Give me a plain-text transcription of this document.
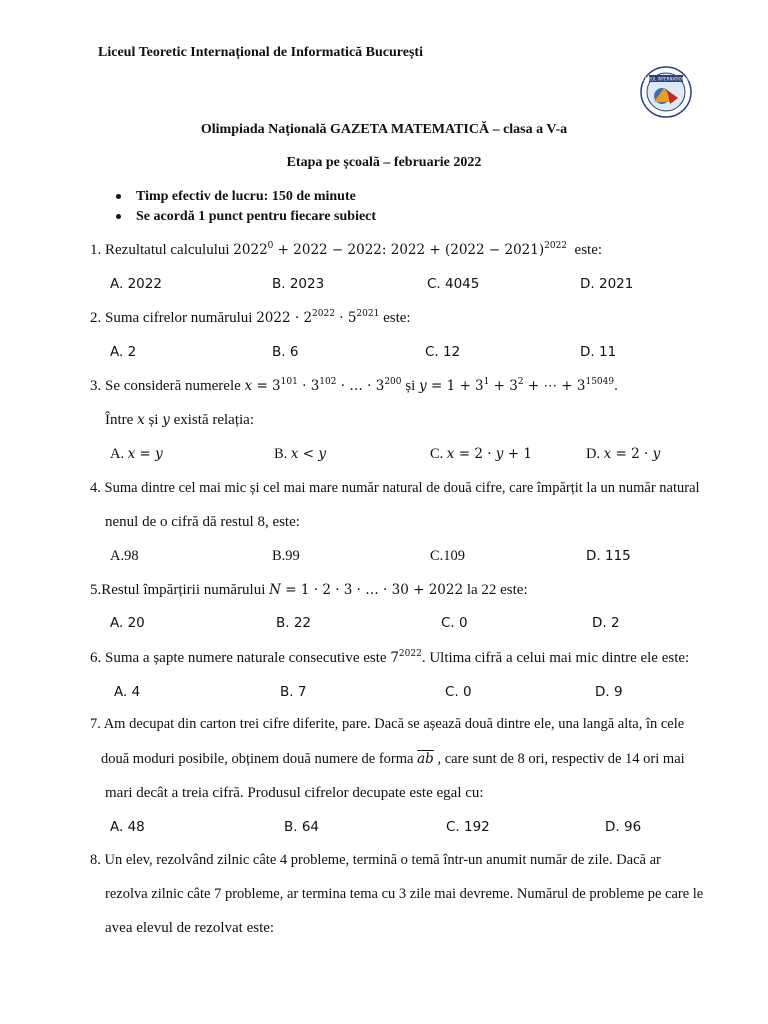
Liceul Teoretic Internațional de Informatică București
LICEUL INTERNAȚIONAL
Olimpiada Națională GAZETA MATEMATICĂ – clasa a V-a
Etapa pe școală – februarie 2022
Timp efectiv de lucru: 150 de minute
Se acordă 1 punct pentru fiecare subiect
1. Rezultatul calculului $2022^0 + 2022 - 2022$: $2022 + (2022 - 2021)^{2022}$ este:
A. 2022	B. 2023	C. 4045	D. 2021
2. Suma cifrelor numărului $2022 \cdot 2^{2022} \cdot 5^{2021}$ este:
A. 2	B. 6	C. 12	D. 11
3. Se consideră numerele $x = 3^{101} \cdot 3^{102}$ · … · $3^{200}$ și $y = 1 + 3^1 + 3^2$ + ⋯ + $3^{15049}$.
Între x și y există relația:
A. x = y	B. x < y	C. x = 2 · y + 1	D. x = 2 · y
4. Suma dintre cel mai mic și cel mai mare număr natural de două cifre, care împărțit la un număr natural
nenul de o cifră dă restul 8, este:
A.98	B.99	C.109	D. 115
5.Restul împărțirii numărului N = 1 · 2 · 3 · … · 30 + 2022 la 22 este:
A. 20	B. 22	C. 0	D. 2
6. Suma a șapte numere naturale consecutive este $7^{2022}$. Ultima cifră a celui mai mic dintre ele este:
A. 4	B. 7	C. 0	D. 9
7. Am decupat din carton trei cifre diferite, pare. Dacă se așează două dintre ele, una langă alta, în cele
două moduri posibile, obținem două numere de forma $\overline{ab}$ , care sunt de 8 ori, respectiv de 14 ori mai
mari decât a treia cifră. Produsul cifrelor decupate este egal cu:
A. 48	B. 64	C. 192	D. 96
8. Un elev, rezolvând zilnic câte 4 probleme, termină o temă într-un anumit număr de zile. Dacă ar
rezolva zilnic câte 7 probleme, ar termina tema cu 3 zile mai devreme. Numărul de probleme pe care le
avea elevul de rezolvat este:
